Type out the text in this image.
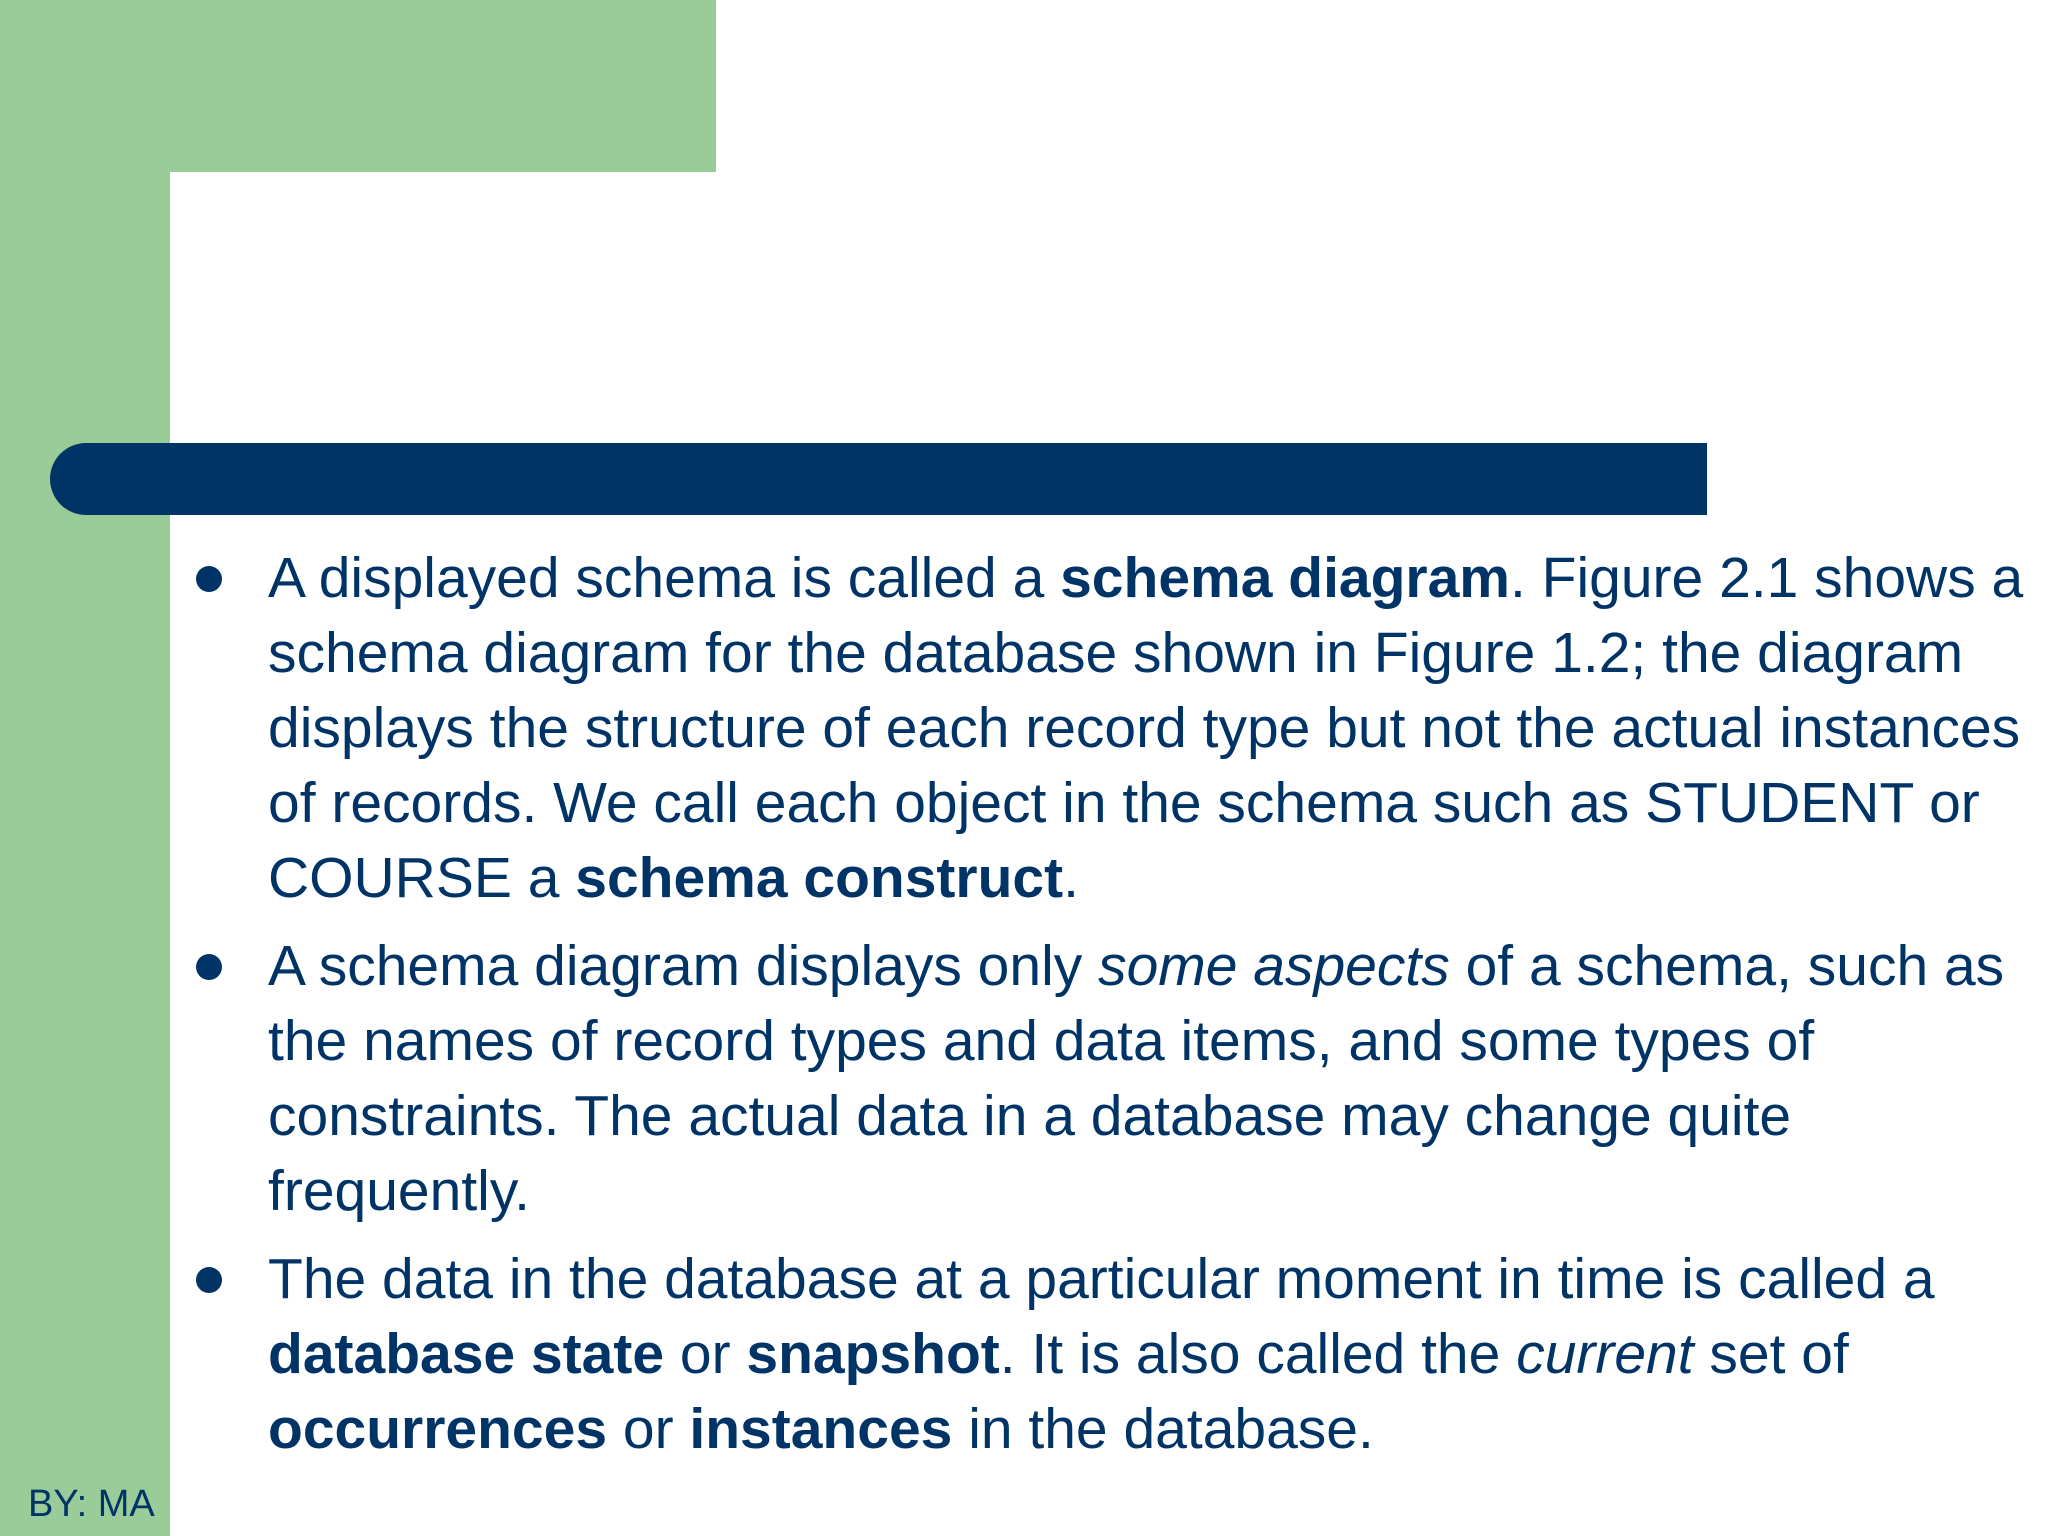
A displayed schema is called a schema diagram. Figure 2.1 shows a schema diagram for the database shown in Figure 1.2; the diagram displays the structure of each record type but not the actual instances of records. We call each object in the schema such as STUDENT or COURSE a schema construct.
A schema diagram displays only some aspects of a schema, such as the names of record types and data items, and some types of constraints. The actual data in a database may change quite frequently.
The data in the database at a particular moment in time is called a database state or snapshot. It is also called the current set of occurrences or instances in the database.
BY: MA
